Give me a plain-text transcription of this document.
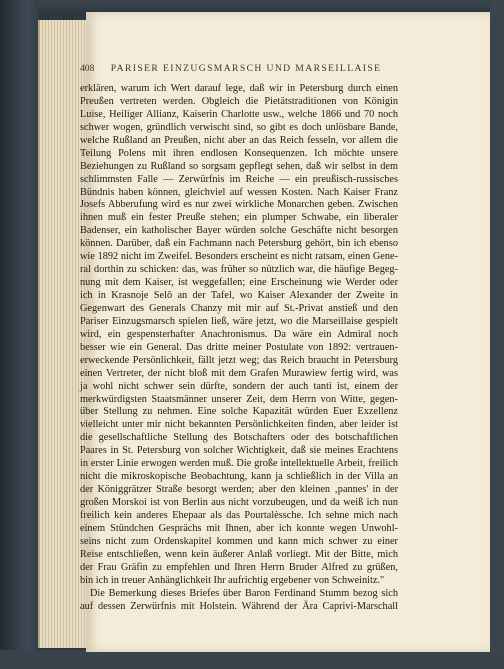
408 PARISER EINZUGSMARSCH UND MARSEILLAISE
erklären, warum ich Wert darauf lege, daß wir in Petersburg durch einen
Preußen vertreten werden. Obgleich die Pietätstraditionen von Königin
Luise, Heiliger Allianz, Kaiserin Charlotte usw., welche 1866 und 70 noch
schwer wogen, gründlich verwischt sind, so gibt es doch unlösbare Bande,
welche Rußland an Preußen, nicht aber an das Reich fesseln, vor allem die
Teilung Polens mit ihren endlosen Konsequenzen. Ich möchte unsere
Beziehungen zu Rußland so sorgsam gepflegt sehen, daß wir selbst in dem
schlimmsten Falle — Zerwürfnis im Reiche — ein preußisch-russisches
Bündnis haben können, gleichviel auf wessen Kosten. Nach Kaiser Franz
Josefs Abberufung wird es nur zwei wirkliche Monarchen geben. Zwischen
ihnen muß ein fester Preuße stehen; ein plumper Schwabe, ein liberaler
Badenser, ein katholischer Bayer würden solche Geschäfte nicht besorgen
können. Darüber, daß ein Fachmann nach Petersburg gehört, bin ich ebenso
wie 1892 nicht im Zweifel. Besonders erscheint es nicht ratsam, einen Gene-
ral dorthin zu schicken: das, was früher so nützlich war, die häufige Begeg-
nung mit dem Kaiser, ist weggefallen; eine Erscheinung wie Werder oder
ich in Krasnoje Selō an der Tafel, wo Kaiser Alexander der Zweite in
Gegenwart des Generals Chanzy mit mir auf St.-Privat anstieß und den
Pariser Einzugsmarsch spielen ließ, wäre jetzt, wo die Marseillaise gespielt
wird, ein gespensterhafter Anachronismus. Da wäre ein Admiral noch
besser wie ein General. Das dritte meiner Postulate von 1892: vertrauen-
erweckende Persönlichkeit, fällt jetzt weg; das Reich braucht in Petersburg
einen Vertreter, der nicht bloß mit dem Grafen Murawiew fertig wird, was
ja wohl nicht schwer sein dürfte, sondern der auch tanti ist, einem der
merkwürdigsten Staatsmänner unserer Zeit, dem Herrn von Witte, gegen-
über Stellung zu nehmen. Eine solche Kapazität würden Euer Exzellenz
vielleicht unter mir nicht bekannten Persönlichkeiten finden, aber leider ist
die gesellschaftliche Stellung des Botschafters oder des botschaftlichen
Paares in St. Petersburg von solcher Wichtigkeit, daß sie meines Erachtens
in erster Linie erwogen werden muß. Die große intellektuelle Arbeit, freilich
nicht die mikroskopische Beobachtung, kann ja schließlich in der Villa an
der Königgrätzer Straße besorgt werden; aber den kleinen ‚pannes' in der
großen Morskoi ist von Berlin aus nicht vorzubeugen, und da weiß ich nun
freilich kein anderes Ehepaar als das Pourtalèssche. Ich sehne mich nach
einem Stündchen Gesprächs mit Ihnen, aber ich konnte wegen Unwohl-
seins nicht zum Ordenskapitel kommen und kann mich schwer zu einer
Reise entschließen, wenn kein äußerer Anlaß vorliegt. Mit der Bitte, mich
der Frau Gräfin zu empfehlen und Ihren Herrn Bruder Alfred zu grüßen,
bin ich in treuer Anhänglichkeit Ihr aufrichtig ergebener von Schweinitz."
Die Bemerkung dieses Briefes über Baron Ferdinand Stumm bezog sich
auf dessen Zerwürfnis mit Holstein. Während der Ära Caprivi-Marschall
